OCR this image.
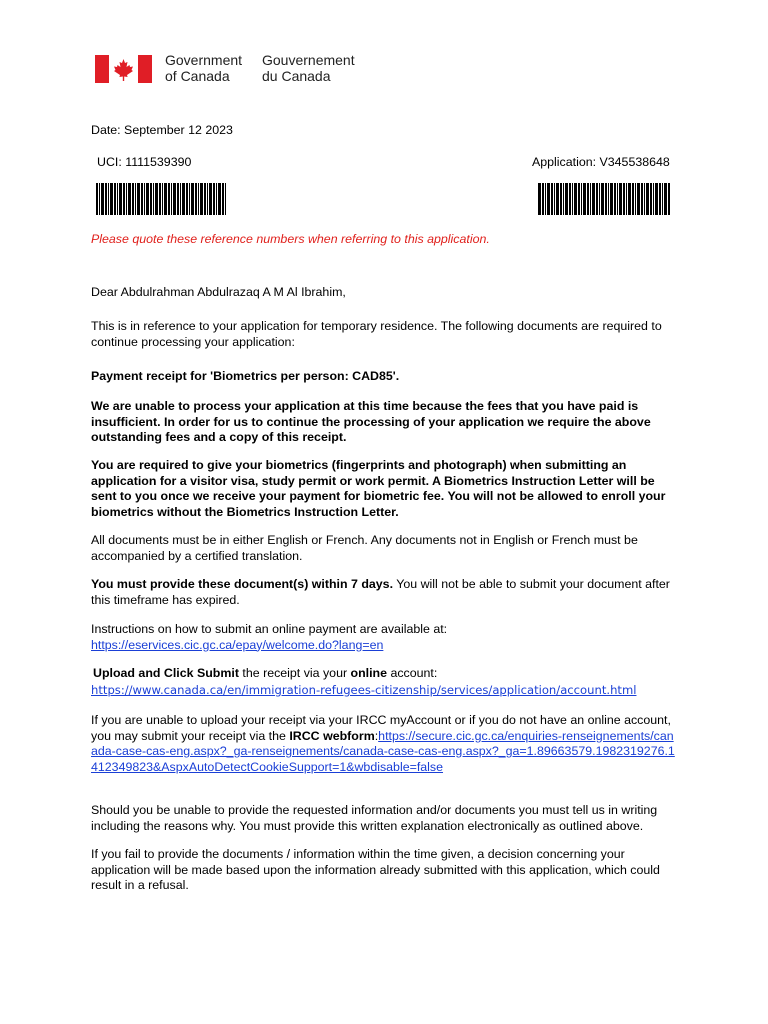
Government
of Canada
Gouvernement
du Canada
Date: September 12 2023
UCI: 1111539390	Application: V345538648
Please quote these reference numbers when referring to this application.
Dear Abdulrahman Abdulrazaq A M Al Ibrahim,
This is in reference to your application for temporary residence. The following documents are required to continue processing your application:
Payment receipt for 'Biometrics per person: CAD85'.
We are unable to process your application at this time because the fees that you have paid is insufficient. In order for us to continue the processing of your application we require the above outstanding fees and a copy of this receipt.
You are required to give your biometrics (fingerprints and photograph) when submitting an application for a visitor visa, study permit or work permit. A Biometrics Instruction Letter will be sent to you once we receive your payment for biometric fee. You will not be allowed to enroll your biometrics without the Biometrics Instruction Letter.
All documents must be in either English or French. Any documents not in English or French must be accompanied by a certified translation.
You must provide these document(s) within 7 days. You will not be able to submit your document after this timeframe has expired.
Instructions on how to submit an online payment are available at:
https://eservices.cic.gc.ca/epay/welcome.do?lang=en
Upload and Click Submit the receipt via your online account:
https://www.canada.ca/en/immigration-refugees-citizenship/services/application/account.html
If you are unable to upload your receipt via your IRCC myAccount or if you do not have an online account, you may submit your receipt via the IRCC webform:https://secure.cic.gc.ca/enquiries-renseignements/canada-case-cas-eng.aspx?_ga-renseignements/canada-case-cas-eng.aspx?_ga=1.89663579.1982319276.1412349823&AspxAutoDetectCookieSupport=1&wbdisable=false
Should you be unable to provide the requested information and/or documents you must tell us in writing including the reasons why. You must provide this written explanation electronically as outlined above.
If you fail to provide the documents / information within the time given, a decision concerning your application will be made based upon the information already submitted with this application, which could result in a refusal.
